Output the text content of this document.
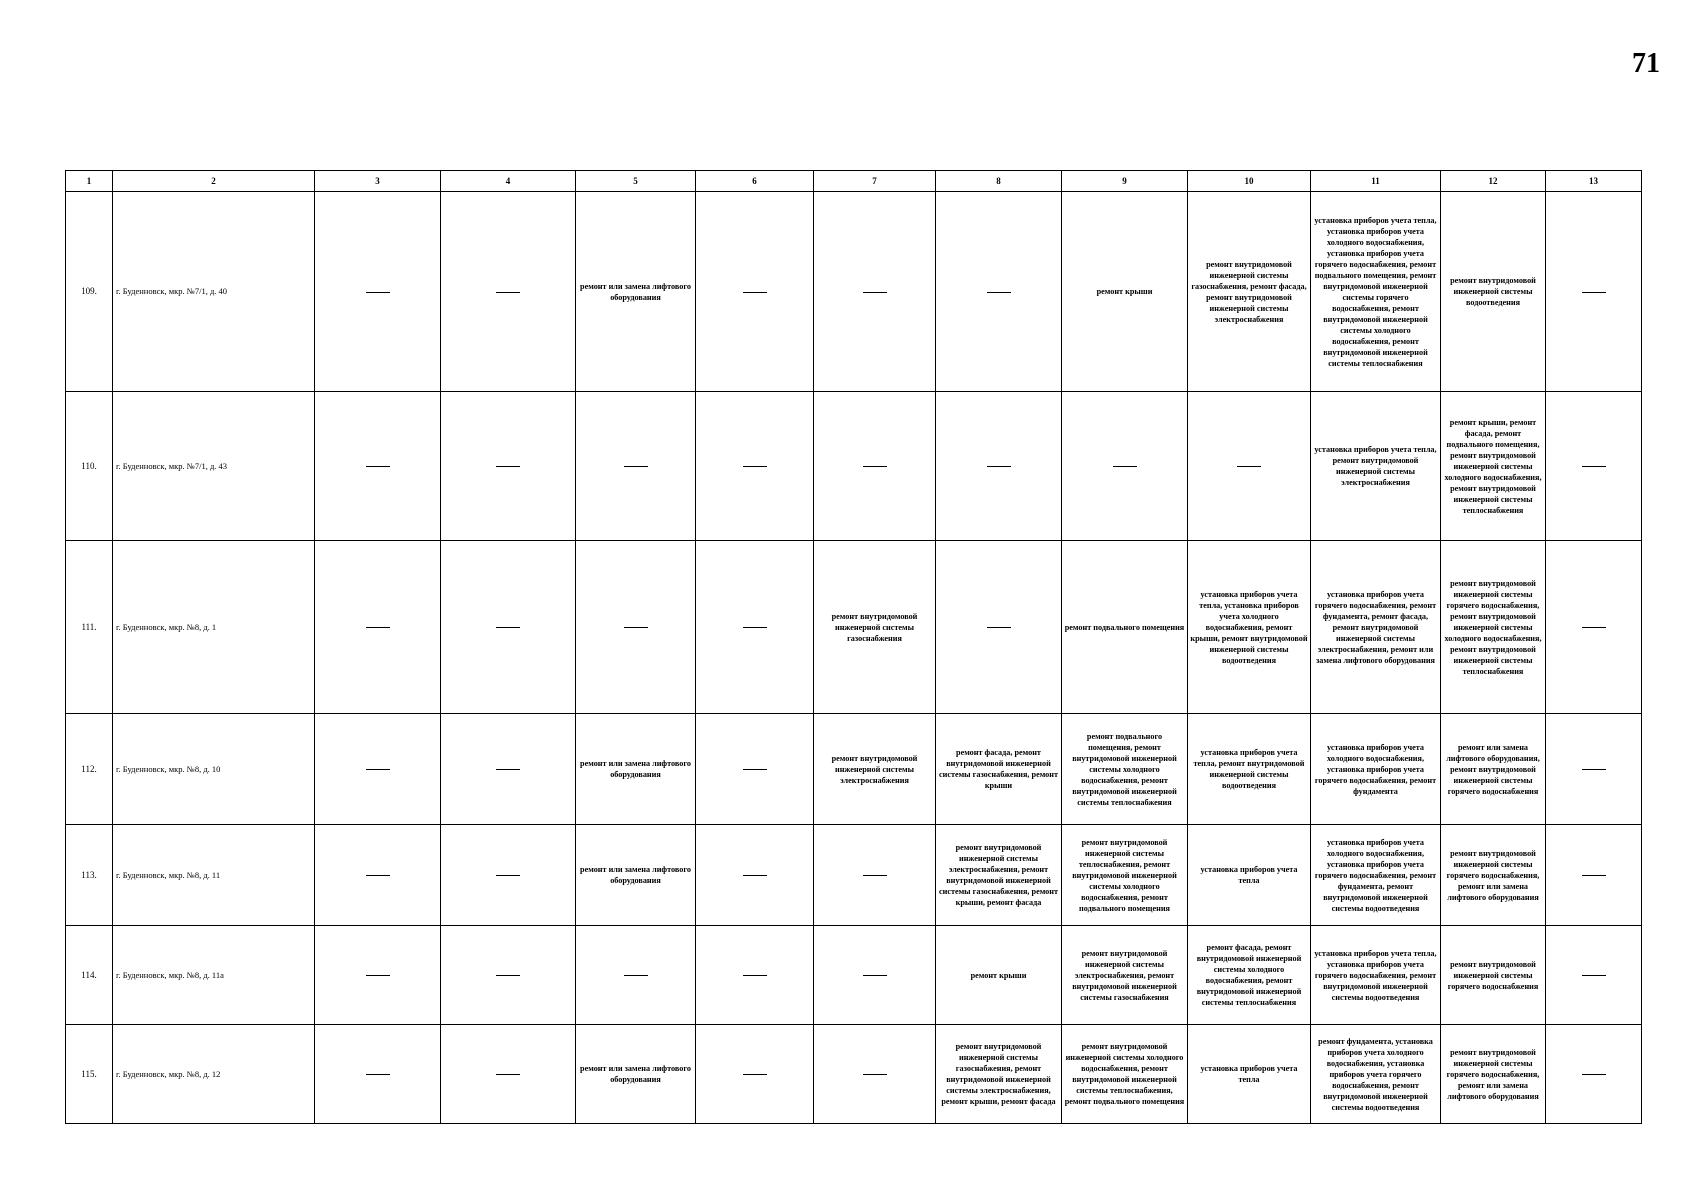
71
1	2	3	4	5	6	7	8	9	10	11	12	13
109.	г. Буденновск, мкр. №7/1, д. 40			ремонт или замена лифтового оборудования				ремонт крыши	ремонт внутридомовой инженерной системы газоснабжения, ремонт фасада, ремонт внутридомовой инженерной системы электроснабжения	установка приборов учета тепла, установка приборов учета холодного водоснабжения, установка приборов учета горячего водоснабжения, ремонт подвального помещения, ремонт внутридомовой инженерной системы горячего водоснабжения, ремонт внутридомовой инженерной системы холодного водоснабжения, ремонт внутридомовой инженерной системы теплоснабжения	ремонт внутридомовой инженерной системы водоотведения	
110.	г. Буденновск, мкр. №7/1, д. 43									установка приборов учета тепла, ремонт внутридомовой инженерной системы электроснабжения	ремонт крыши, ремонт фасада, ремонт подвального помещения, ремонт внутридомовой инженерной системы холодного водоснабжения, ремонт внутридомовой инженерной системы теплоснабжения	
111.	г. Буденновск, мкр. №8, д. 1					ремонт внутридомовой инженерной системы газоснабжения		ремонт подвального помещения	установка приборов учета тепла, установка приборов учета холодного водоснабжения, ремонт крыши, ремонт внутридомовой инженерной системы водоотведения	установка приборов учета горячего водоснабжения, ремонт фундамента, ремонт фасада, ремонт внутридомовой инженерной системы электроснабжения, ремонт или замена лифтового оборудования	ремонт внутридомовой инженерной системы горячего водоснабжения, ремонт внутридомовой инженерной системы холодного водоснабжения, ремонт внутридомовой инженерной системы теплоснабжения	
112.	г. Буденновск, мкр. №8, д. 10			ремонт или замена лифтового оборудования		ремонт внутридомовой инженерной системы электроснабжения	ремонт фасада, ремонт внутридомовой инженерной системы газоснабжения, ремонт крыши	ремонт подвального помещения, ремонт внутридомовой инженерной системы холодного водоснабжения, ремонт внутридомовой инженерной системы теплоснабжения	установка приборов учета тепла, ремонт внутридомовой инженерной системы водоотведения	установка приборов учета холодного водоснабжения, установка приборов учета горячего водоснабжения, ремонт фундамента	ремонт или замена лифтового оборудования, ремонт внутридомовой инженерной системы горячего водоснабжения	
113.	г. Буденновск, мкр. №8, д. 11			ремонт или замена лифтового оборудования			ремонт внутридомовой инженерной системы электроснабжения, ремонт внутридомовой инженерной системы газоснабжения, ремонт крыши, ремонт фасада	ремонт внутридомовой инженерной системы теплоснабжения, ремонт внутридомовой инженерной системы холодного водоснабжения, ремонт подвального помещения	установка приборов учета тепла	установка приборов учета холодного водоснабжения, установка приборов учета горячего водоснабжения, ремонт фундамента, ремонт внутридомовой инженерной системы водоотведения	ремонт внутридомовой инженерной системы горячего водоснабжения, ремонт или замена лифтового оборудования	
114.	г. Буденновск, мкр. №8, д. 11а						ремонт крыши	ремонт внутридомовой инженерной системы электроснабжения, ремонт внутридомовой инженерной системы газоснабжения	ремонт фасада, ремонт внутридомовой инженерной системы холодного водоснабжения, ремонт внутридомовой инженерной системы теплоснабжения	установка приборов учета тепла, установка приборов учета горячего водоснабжения, ремонт внутридомовой инженерной системы водоотведения	ремонт внутридомовой инженерной системы горячего водоснабжения	
115.	г. Буденновск, мкр. №8, д. 12			ремонт или замена лифтового оборудования			ремонт внутридомовой инженерной системы газоснабжения, ремонт внутридомовой инженерной системы электроснабжения, ремонт крыши, ремонт фасада	ремонт внутридомовой инженерной системы холодного водоснабжения, ремонт внутридомовой инженерной системы теплоснабжения, ремонт подвального помещения	установка приборов учета тепла	ремонт фундамента, установка приборов учета холодного водоснабжения, установка приборов учета горячего водоснабжения, ремонт внутридомовой инженерной системы водоотведения	ремонт внутридомовой инженерной системы горячего водоснабжения, ремонт или замена лифтового оборудования	
